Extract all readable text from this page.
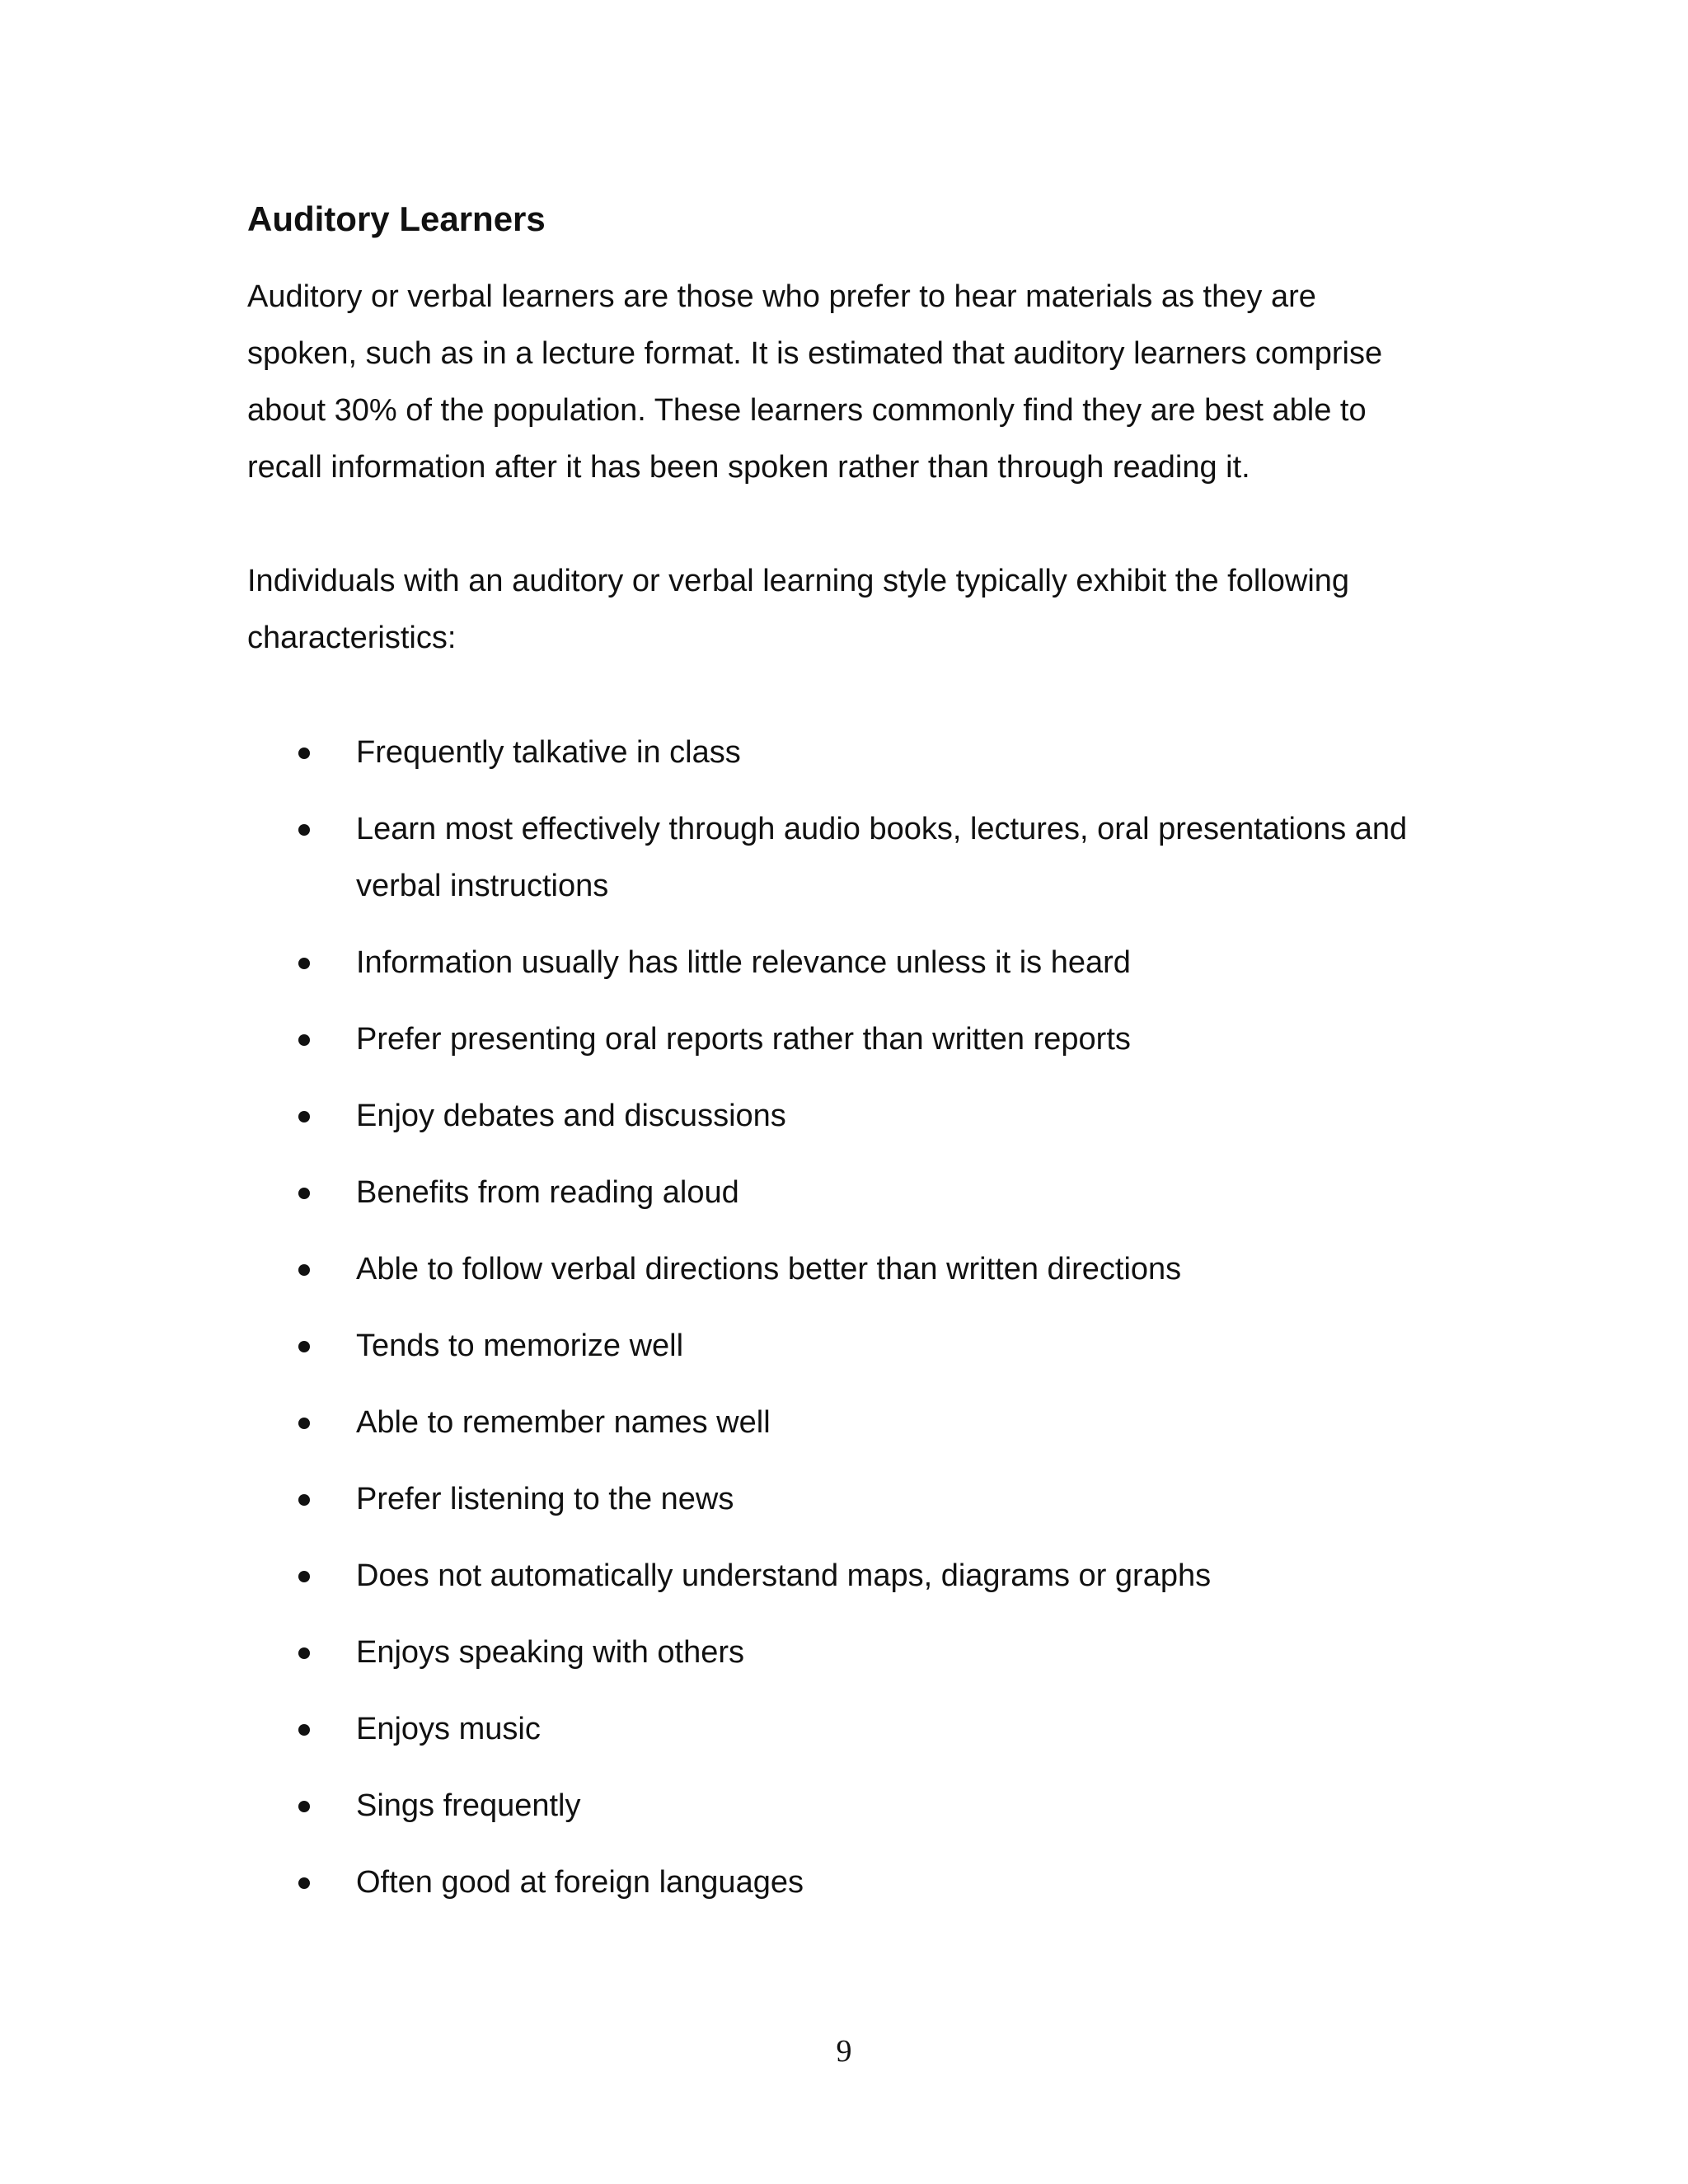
Auditory Learners

Auditory or verbal learners are those who prefer to hear materials as they are spoken, such as in a lecture format. It is estimated that auditory learners comprise about 30% of the population. These learners commonly find they are best able to recall information after it has been spoken rather than through reading it.

Individuals with an auditory or verbal learning style typically exhibit the following characteristics:

Frequently talkative in class
Learn most effectively through audio books, lectures, oral presentations and verbal instructions
Information usually has little relevance unless it is heard
Prefer presenting oral reports rather than written reports
Enjoy debates and discussions
Benefits from reading aloud
Able to follow verbal directions better than written directions
Tends to memorize well
Able to remember names well
Prefer listening to the news
Does not automatically understand maps, diagrams or graphs
Enjoys speaking with others
Enjoys music
Sings frequently
Often good at foreign languages
9
